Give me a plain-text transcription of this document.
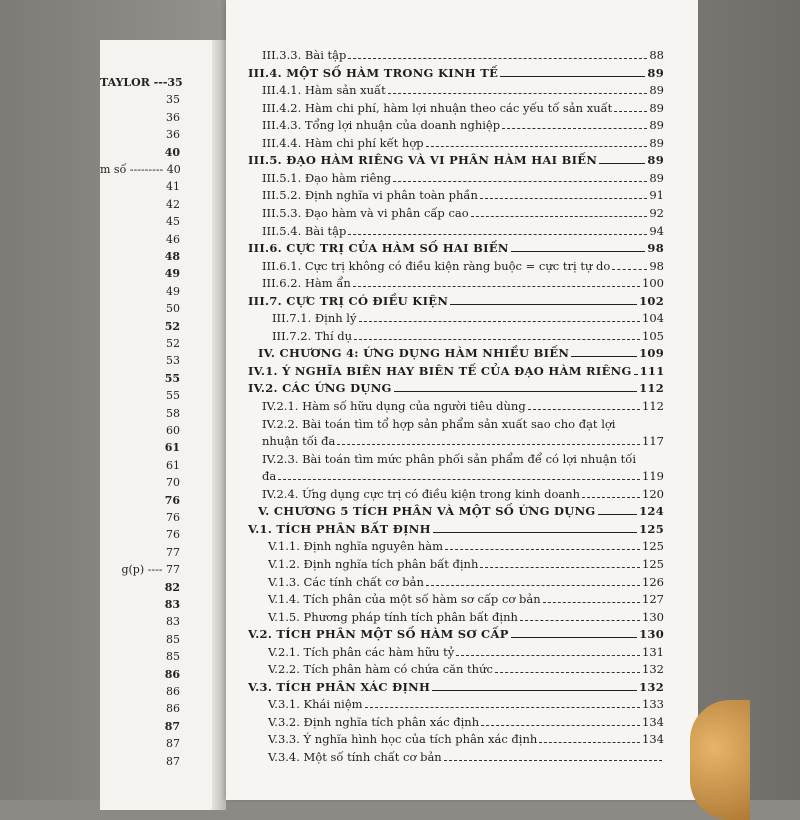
TAYLOR ---35
35
36
36
40
m số --------- 40
41
42
45
46
48
49
49
50
52
52
53
55
55
58
60
61
61
70
76
76
76
77
g(p) ---- 77
82
83
83
85
85
86
86
86
87
87
87
III.3.3. Bài tập	88
III.4. MỘT SỐ HÀM TRONG KINH TẾ	89
III.4.1. Hàm sản xuất	89
III.4.2. Hàm chi phí, hàm lợi nhuận theo các yếu tố sản xuất	89
III.4.3. Tổng lợi nhuận của doanh nghiệp	89
III.4.4. Hàm chi phí kết hợp	89
III.5. ĐẠO HÀM RIÊNG VÀ VI PHÂN HÀM HAI BIẾN	89
III.5.1. Đạo hàm riêng	89
III.5.2. Định nghĩa vi phân toàn phần	91
III.5.3. Đạo hàm và vi phân cấp cao	92
III.5.4. Bài tập	94
III.6. CỰC TRỊ CỦA HÀM SỐ HAI BIẾN	98
III.6.1. Cực trị không có điều kiện ràng buộc = cực trị tự do	98
III.6.2. Hàm ẩn	100
III.7. CỰC TRỊ CÓ ĐIỀU KIỆN	102
III.7.1. Định lý	104
III.7.2. Thí dụ	105
IV. CHƯƠNG 4: ỨNG DỤNG HÀM NHIỀU BIẾN	109
IV.1. Ý NGHĨA BIÊN HAY BIÊN TẾ CỦA ĐẠO HÀM RIÊNG 111
IV.2. CÁC ỨNG DỤNG	112
IV.2.1. Hàm số hữu dụng của người tiêu dùng	112
IV.2.2. Bài toán tìm tổ hợp sản phẩm sản xuất sao cho đạt lợi
nhuận tối đa	117
IV.2.3. Bài toán tìm mức phân phối sản phẩm để có lợi nhuận tối
đa	119
IV.2.4. Ứng dụng cực trị có điều kiện trong kinh doanh	120
V. CHƯƠNG 5 TÍCH PHÂN VÀ MỘT SỐ ỨNG DỤNG	124
V.1. TÍCH PHÂN BẤT ĐỊNH	125
V.1.1. Định nghĩa nguyên hàm	125
V.1.2. Định nghĩa tích phân bất định	125
V.1.3. Các tính chất cơ bản	126
V.1.4. Tích phân của một số hàm sơ cấp cơ bản	127
V.1.5. Phương pháp tính tích phân bất định	130
V.2. TÍCH PHÂN MỘT SỐ HÀM SƠ CẤP	130
V.2.1. Tích phân các hàm hữu tỷ	131
V.2.2. Tích phân hàm có chứa căn thức	132
V.3. TÍCH PHÂN XÁC ĐỊNH	132
V.3.1. Khái niệm	133
V.3.2. Định nghĩa tích phân xác định	134
V.3.3. Ý nghĩa hình học của tích phân xác định	134
V.3.4. Một số tính chất cơ bản
